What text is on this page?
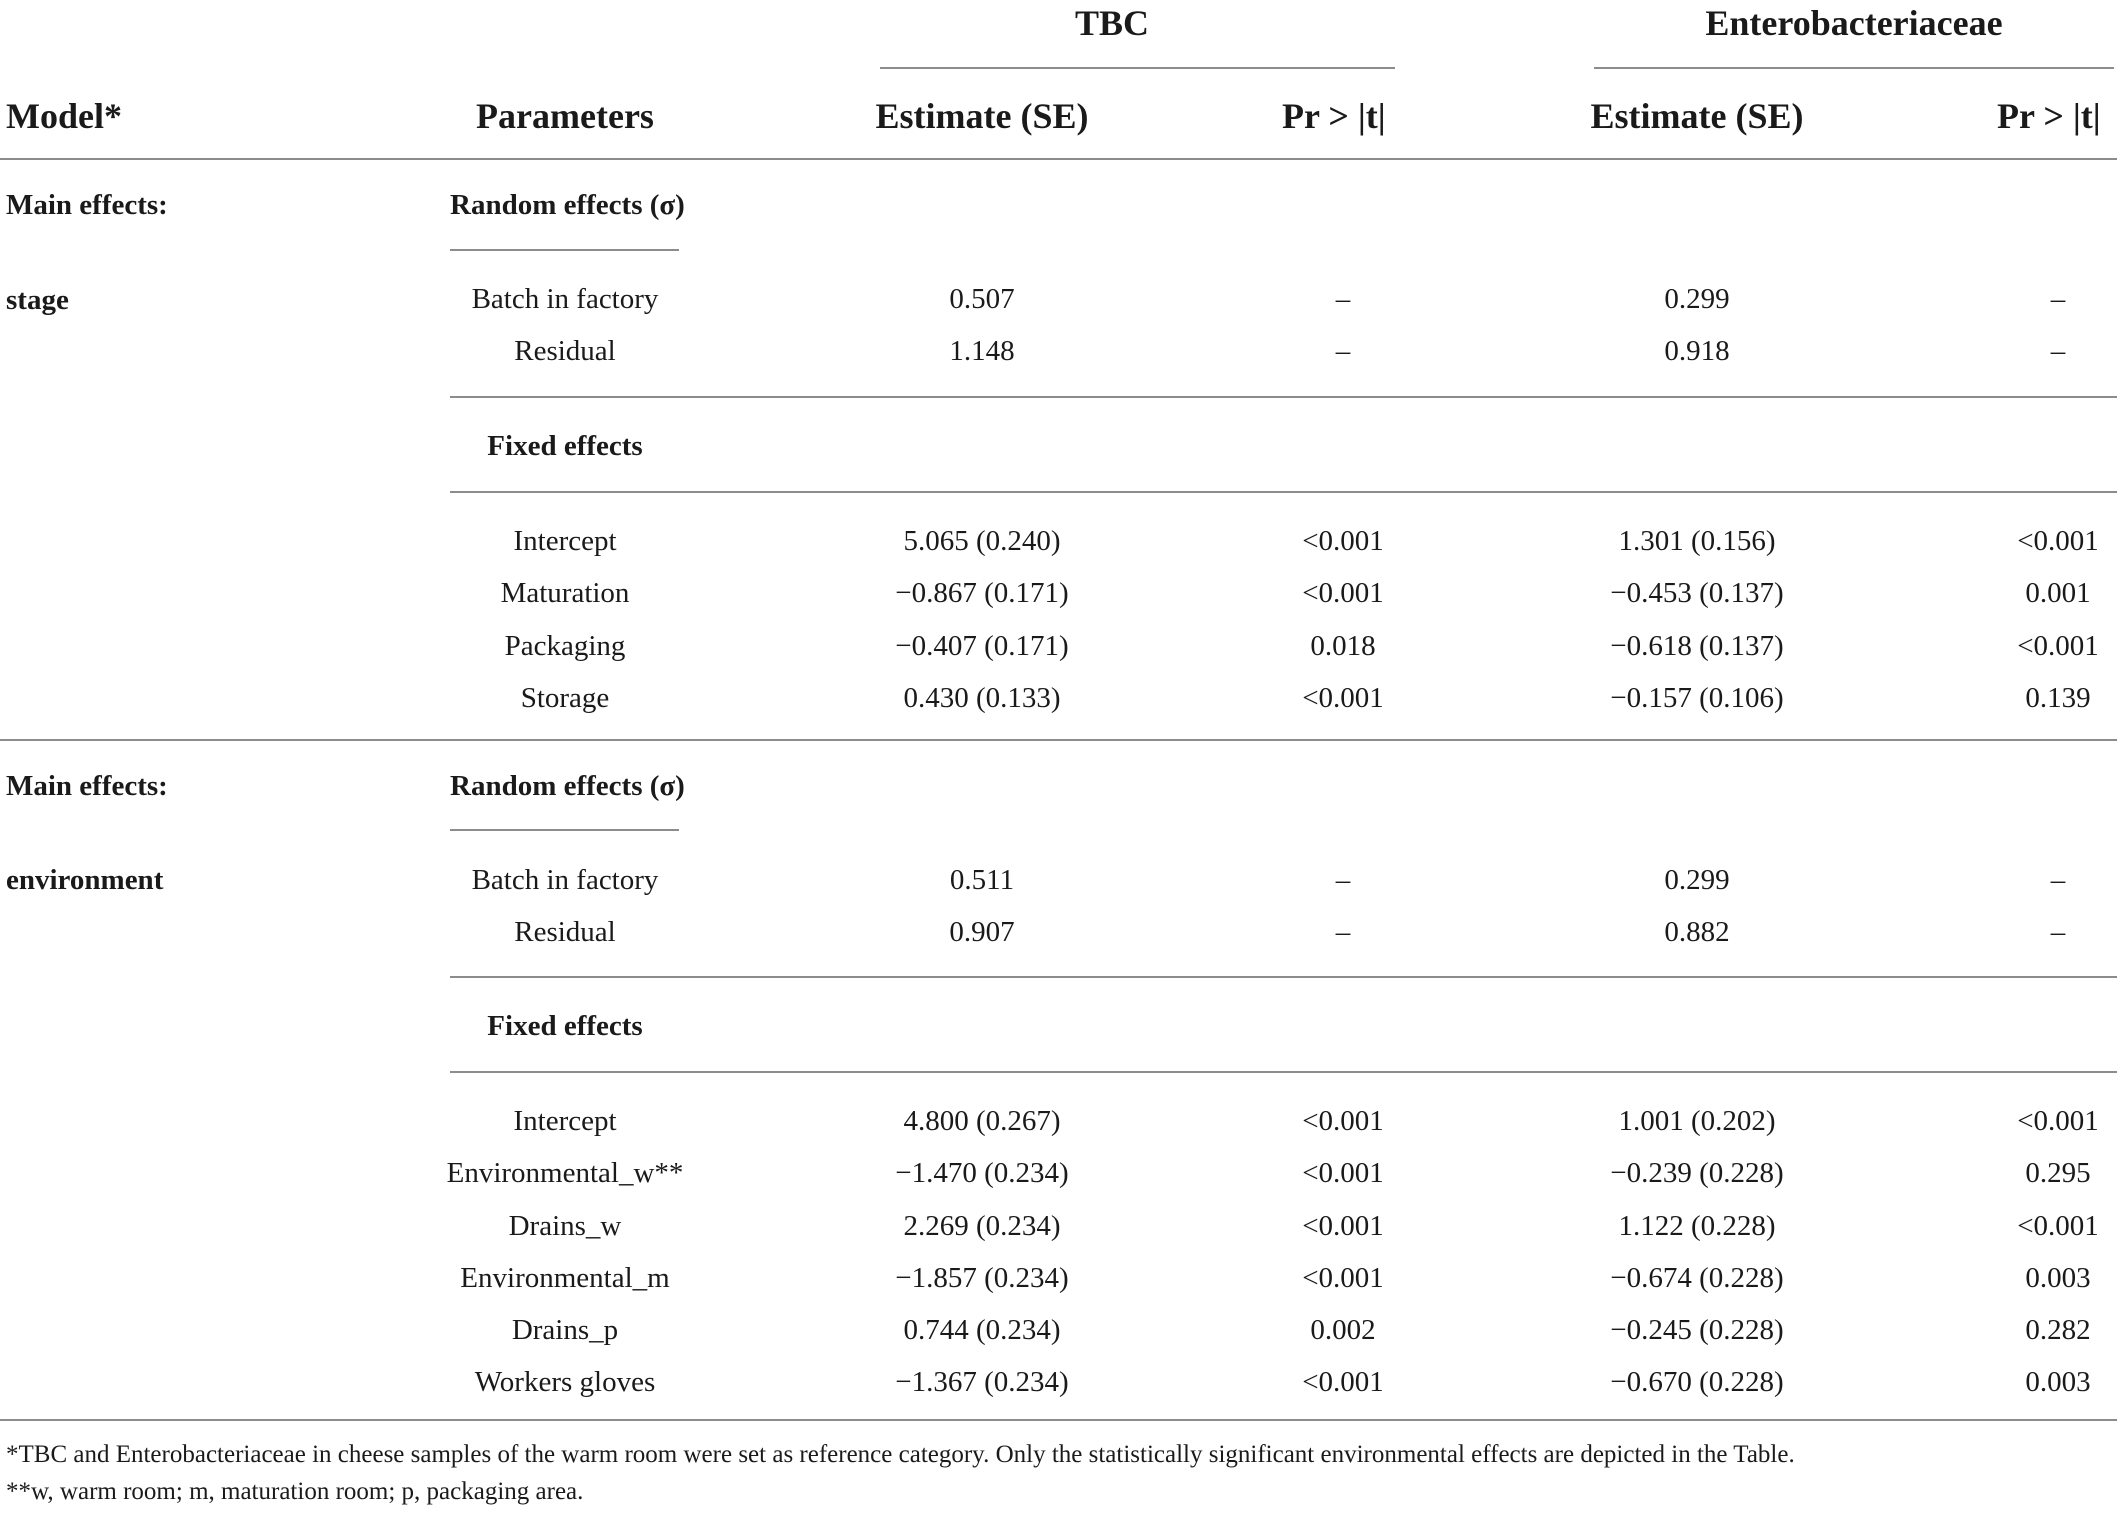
TBC	Enterobacteriaceae
Model*	Parameters	Estimate (SE)	Pr > |t|	Estimate (SE)	Pr > |t|
Main effects:
stage
Random effects (σ)
Batch in factory	0.507	–	0.299	–
Residual	1.148	–	0.918	–
Fixed effects
Intercept	5.065 (0.240)	<0.001	1.301 (0.156)	<0.001
Maturation	−0.867 (0.171)	<0.001	−0.453 (0.137)	0.001
Packaging	−0.407 (0.171)	0.018	−0.618 (0.137)	<0.001
Storage	0.430 (0.133)	<0.001	−0.157 (0.106)	0.139
Main effects:
environment
Random effects (σ)
Batch in factory	0.511	–	0.299	–
Residual	0.907	–	0.882	–
Fixed effects
Intercept	4.800 (0.267)	<0.001	1.001 (0.202)	<0.001
Environmental_w**	−1.470 (0.234)	<0.001	−0.239 (0.228)	0.295
Drains_w	2.269 (0.234)	<0.001	1.122 (0.228)	<0.001
Environmental_m	−1.857 (0.234)	<0.001	−0.674 (0.228)	0.003
Drains_p	0.744 (0.234)	0.002	−0.245 (0.228)	0.282
Workers gloves	−1.367 (0.234)	<0.001	−0.670 (0.228)	0.003
*TBC and Enterobacteriaceae in cheese samples of the warm room were set as reference category. Only the statistically significant environmental effects are depicted in the Table.
**w, warm room; m, maturation room; p, packaging area.
